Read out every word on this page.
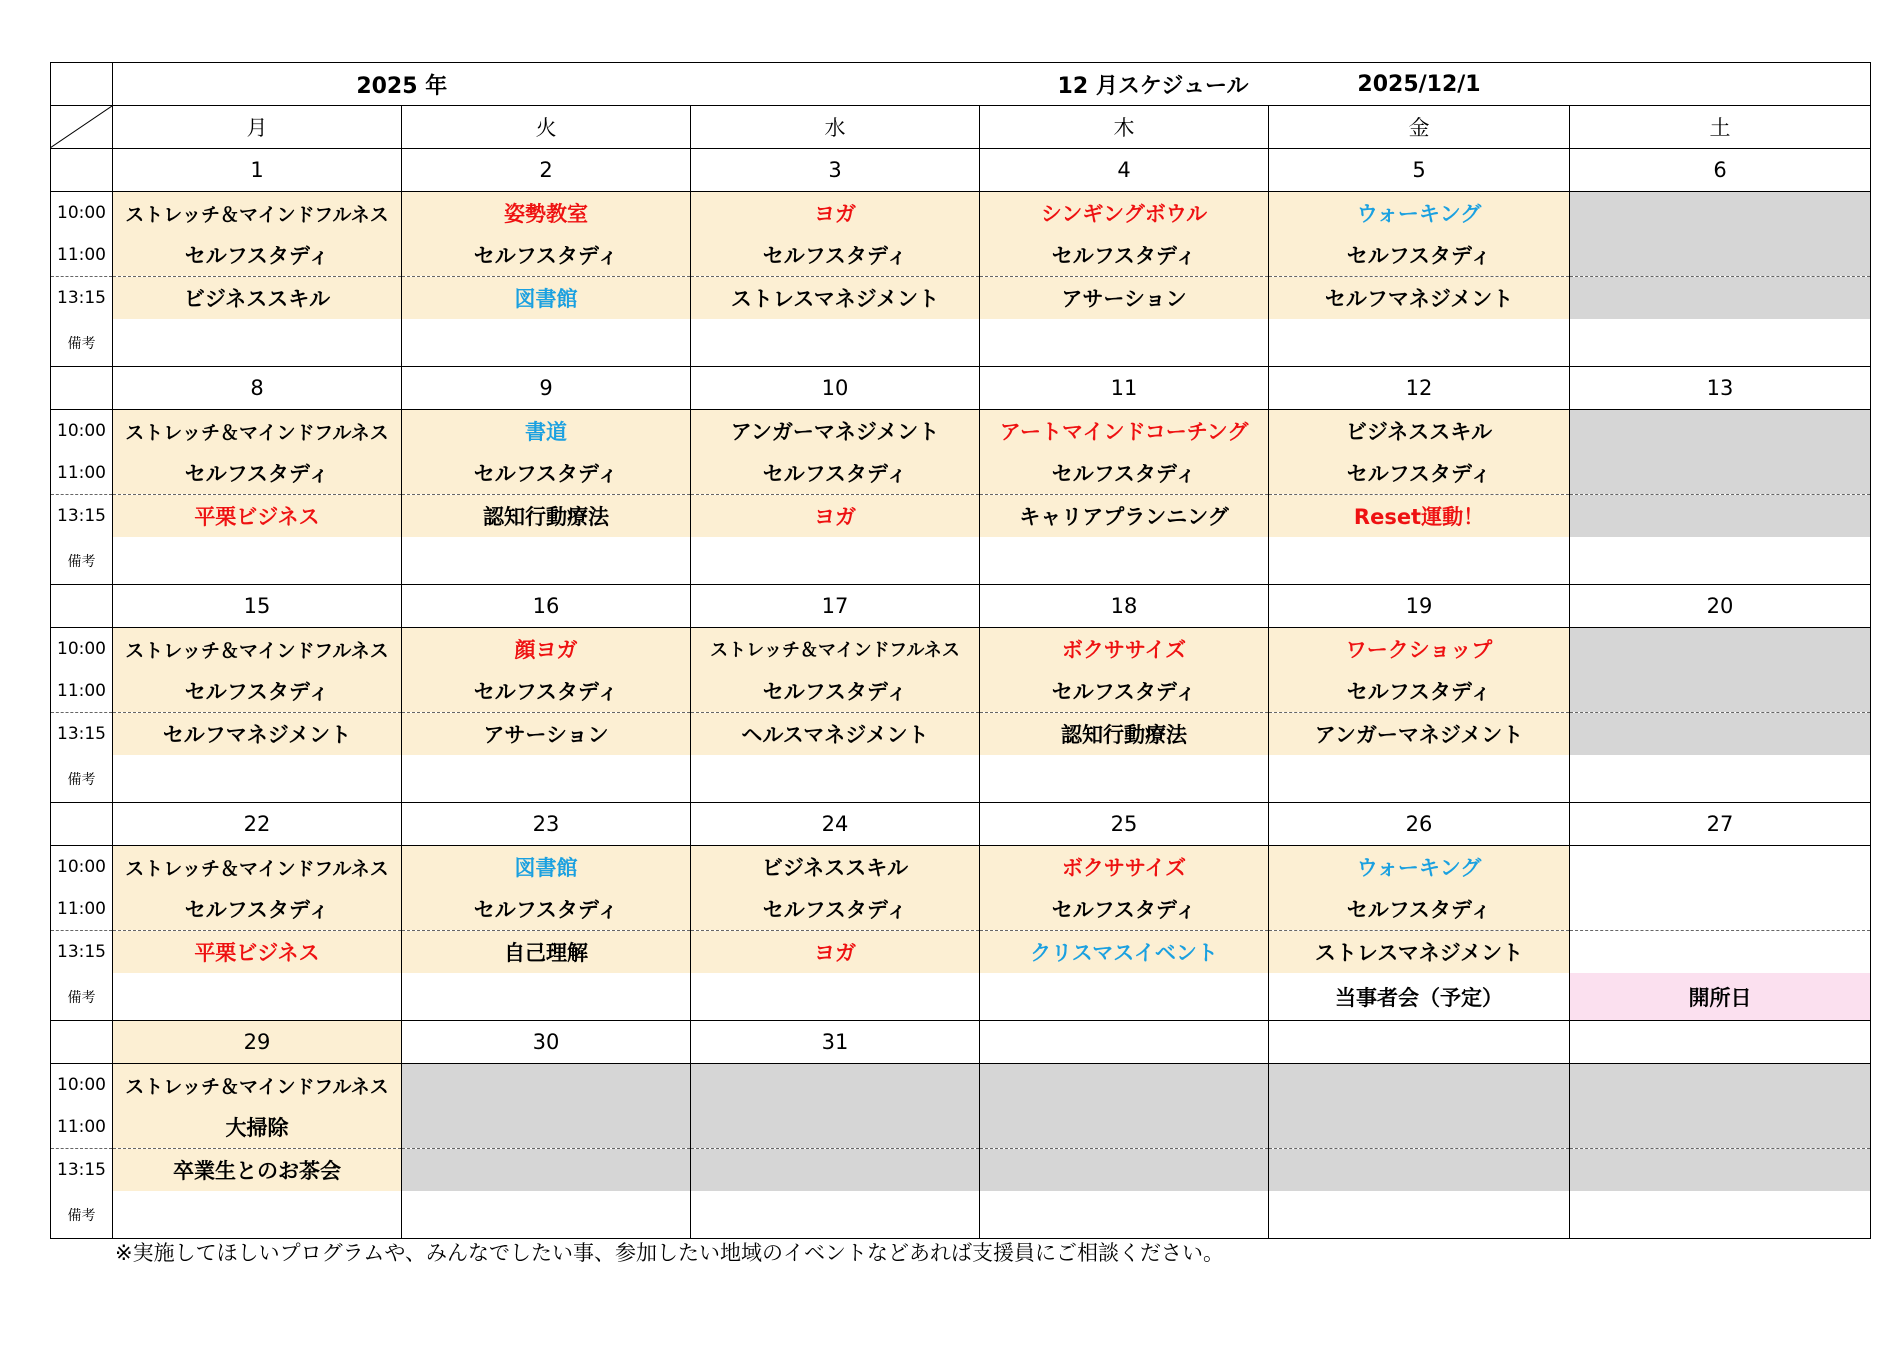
	2025 年		12 月スケジュール		2025/12/1	
	月	火	水	木	金	土
	1	2	3	4	5	6
10:00	ストレッチ＆マインドフルネス	姿勢教室	ヨガ	シンギングボウル	ウォーキング	
11:00	セルフスタディ	セルフスタディ	セルフスタディ	セルフスタディ	セルフスタディ	
13:15	ビジネススキル	図書館	ストレスマネジメント	アサーション	セルフマネジメント	
備考						
	8	9	10	11	12	13
10:00	ストレッチ＆マインドフルネス	書道	アンガーマネジメント	アートマインドコーチング	ビジネススキル	
11:00	セルフスタディ	セルフスタディ	セルフスタディ	セルフスタディ	セルフスタディ	
13:15	平栗ビジネス	認知行動療法	ヨガ	キャリアプランニング	Reset運動！	
備考						
	15	16	17	18	19	20
10:00	ストレッチ＆マインドフルネス	顔ヨガ	ストレッチ＆マインドフルネス	ボクササイズ	ワークショップ	
11:00	セルフスタディ	セルフスタディ	セルフスタディ	セルフスタディ	セルフスタディ	
13:15	セルフマネジメント	アサーション	ヘルスマネジメント	認知行動療法	アンガーマネジメント	
備考						
	22	23	24	25	26	27
10:00	ストレッチ＆マインドフルネス	図書館	ビジネススキル	ボクササイズ	ウォーキング	
11:00	セルフスタディ	セルフスタディ	セルフスタディ	セルフスタディ	セルフスタディ	
13:15	平栗ビジネス	自己理解	ヨガ	クリスマスイベント	ストレスマネジメント	
備考					当事者会（予定）	開所日
	29	30	31			
10:00	ストレッチ＆マインドフルネス					
11:00	大掃除					
13:15	卒業生とのお茶会					
備考						
※実施してほしいプログラムや、みんなでしたい事、参加したい地域のイベントなどあれば支援員にご相談ください。
